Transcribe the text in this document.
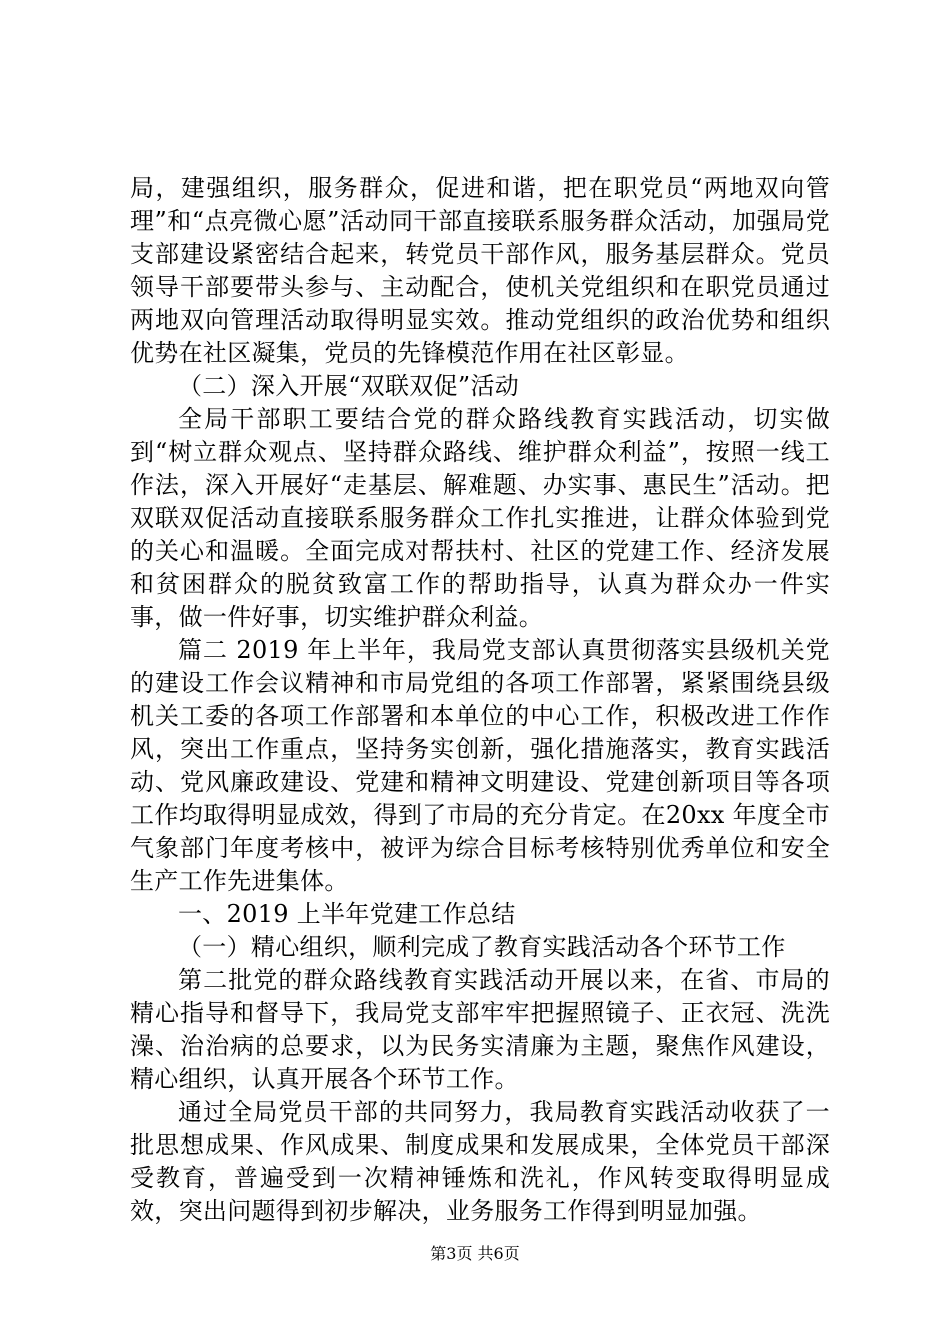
局，建强组织，服务群众，促进和谐，把在职党员“两地双向管理”和“点亮微心愿”活动同干部直接联系服务群众活动，加强局党支部建设紧密结合起来，转党员干部作风，服务基层群众。党员领导干部要带头参与、主动配合，使机关党组织和在职党员通过两地双向管理活动取得明显实效。推动党组织的政治优势和组织优势在社区凝集，党员的先锋模范作用在社区彰显。

（二）深入开展“双联双促”活动

全局干部职工要结合党的群众路线教育实践活动，切实做到“树立群众观点、坚持群众路线、维护群众利益”，按照一线工作法，深入开展好“走基层、解难题、办实事、惠民生”活动。把双联双促活动直接联系服务群众工作扎实推进，让群众体验到党的关心和温暖。全面完成对帮扶村、社区的党建工作、经济发展和贫困群众的脱贫致富工作的帮助指导，认真为群众办一件实事，做一件好事，切实维护群众利益。

篇二 2019 年上半年，我局党支部认真贯彻落实县级机关党的建设工作会议精神和市局党组的各项工作部署，紧紧围绕县级机关工委的各项工作部署和本单位的中心工作，积极改进工作作风，突出工作重点，坚持务实创新，强化措施落实，教育实践活动、党风廉政建设、党建和精神文明建设、党建创新项目等各项工作均取得明显成效，得到了市局的充分肯定。在20xx 年度全市气象部门年度考核中，被评为综合目标考核特别优秀单位和安全生产工作先进集体。

一、2019 上半年党建工作总结

（一）精心组织，顺利完成了教育实践活动各个环节工作

第二批党的群众路线教育实践活动开展以来，在省、市局的精心指导和督导下，我局党支部牢牢把握照镜子、正衣冠、洗洗澡、治治病的总要求，以为民务实清廉为主题，聚焦作风建设，精心组织，认真开展各个环节工作。

通过全局党员干部的共同努力，我局教育实践活动收获了一批思想成果、作风成果、制度成果和发展成果，全体党员干部深受教育，普遍受到一次精神锤炼和洗礼，作风转变取得明显成效，突出问题得到初步解决，业务服务工作得到明显加强。

第3页 共6页
